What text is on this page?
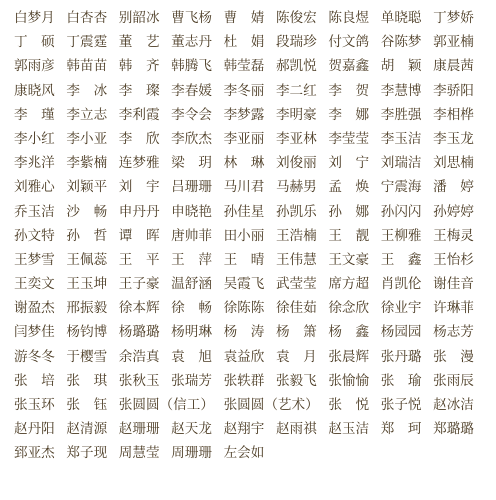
白梦月 白杏杏 别韶冰 曹飞杨 曹　婧 陈俊宏 陈良煜 单晓聪 丁梦娇
丁　硕 丁震霆 董　艺 董志丹 杜　娟 段瑞珍 付文鸽 谷陈梦 郭亚楠
郭雨彦 韩苗苗 韩　齐 韩腾飞 韩莹磊 郝凯悦 贺嘉鑫 胡　颖 康晨茜
康晓风 李　冰 李　璨 李春媛 李冬丽 李二红 李　贺 李慧博 李骄阳
李　瑾 李立志 李利霞 李令会 李梦露 李明豪 李　娜 李胜强 李相桦
李小红 李小亚 李　欣 李欣杰 李亚丽 李亚林 李莹莹 李玉洁 李玉龙
李兆洋 李紫楠 连梦雅 梁　玥 林　琳 刘俊丽 刘　宁 刘瑞洁 刘思楠
刘雅心 刘颖平 刘　宇 吕珊珊 马川君 马赫男 孟　焕 宁震海 潘　婷
乔玉洁 沙　畅 申丹丹 申晓艳 孙佳星 孙凯乐 孙　娜 孙闪闪 孙婷婷
孙文特 孙　哲 谭　晖 唐帅菲 田小丽 王浩楠 王　靓 王柳雅 王梅灵
王梦雪 王佩蕊 王　平 王　萍 王　晴 王伟慧 王文豪 王　鑫 王怡杉
王奕文 王玉坤 王子豪 温舒涵 吴霞飞 武莹莹 席方超 肖凯伦 谢佳音
谢盈杰 邢振毅 徐本辉 徐　畅 徐陈陈 徐佳茹 徐念欣 徐业宇 许琳菲
闫梦佳 杨钧博 杨璐璐 杨明琳 杨　涛 杨　箫 杨　鑫 杨园园 杨志芳
游冬冬 于樱雪 余浩真 袁　旭 袁益欣 袁　月 张晨辉 张丹璐 张　漫
张　培 张　琪 张秋玉 张瑞芳 张轶群 张毅飞 张愉愉 张　瑜 张雨辰
张玉环 张　钰 张圆圆（信工） 张圆圆（艺术） 张　悦 张子悦 赵冰洁
赵丹阳 赵清源 赵珊珊 赵天龙 赵翔宇 赵雨祺 赵玉洁 郑　珂 郑璐璐
郅亚杰 郑子现 周慧莹 周珊珊 左会如
